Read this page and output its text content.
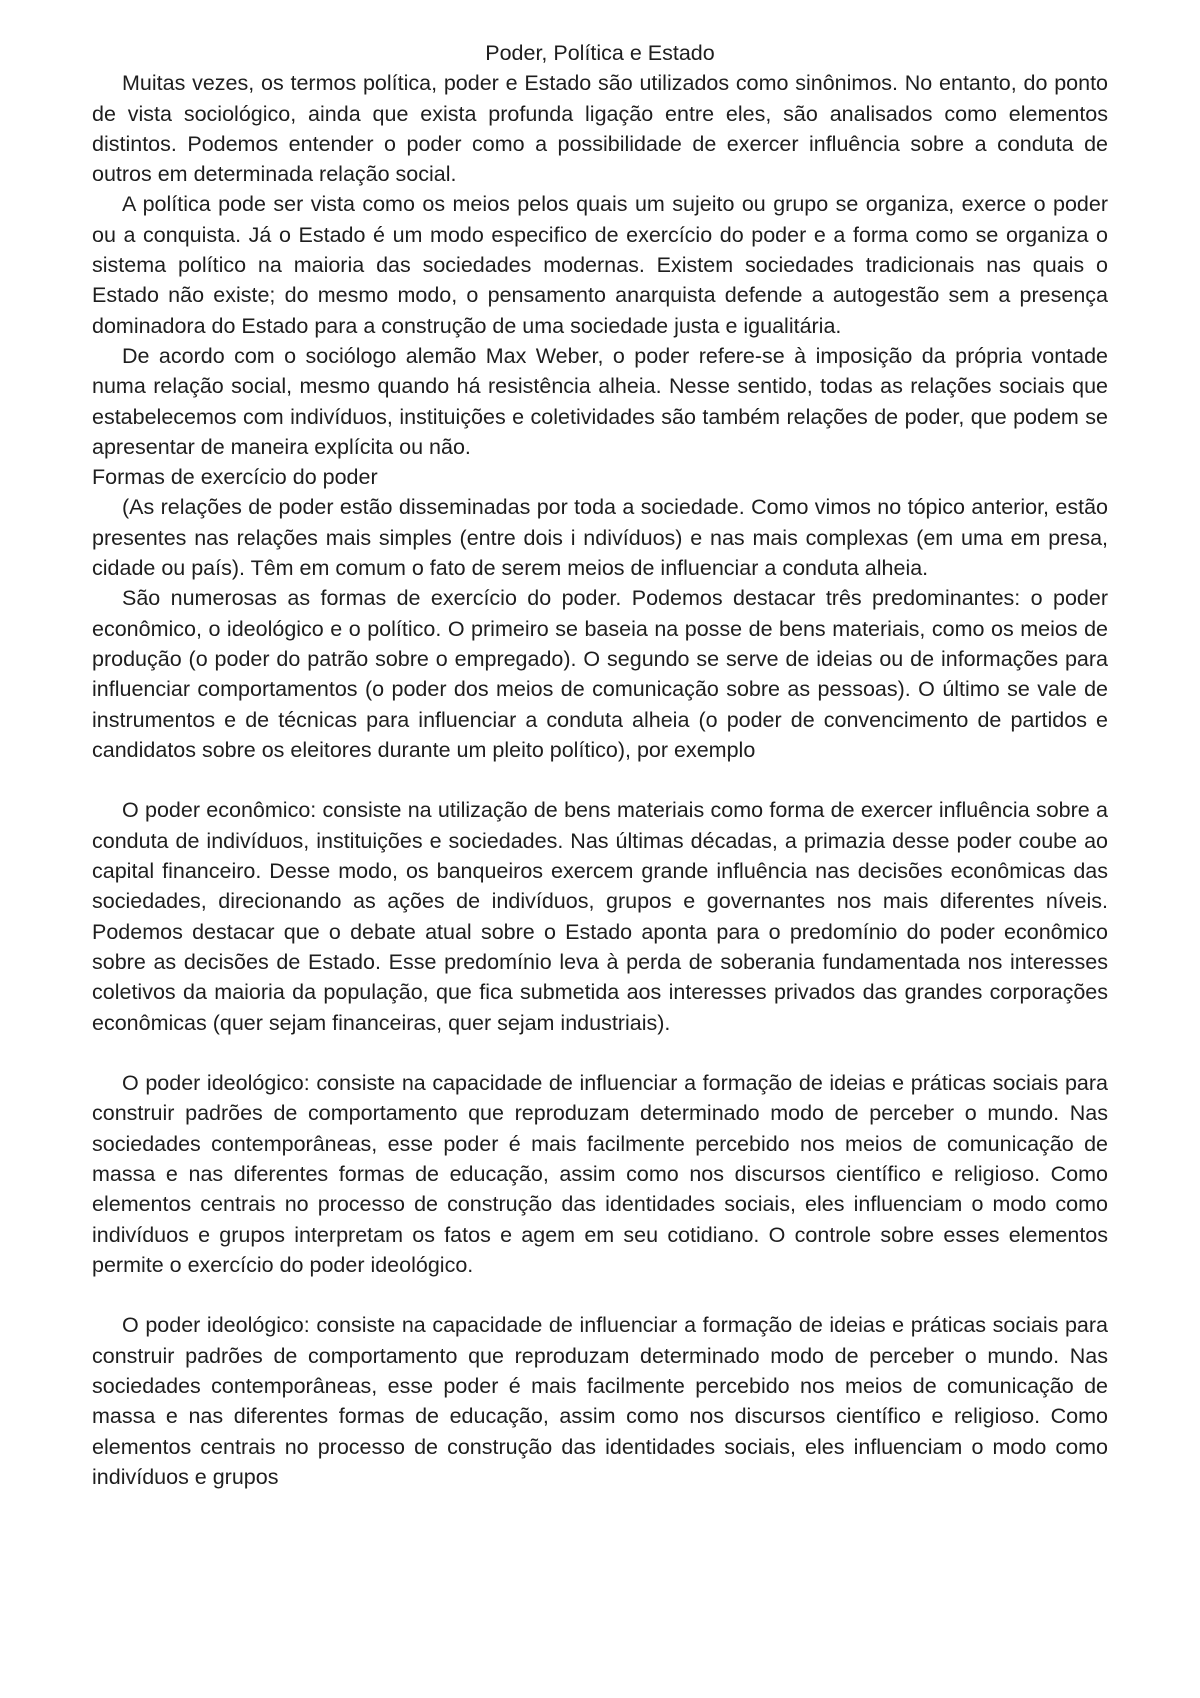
Poder, Política e Estado

Muitas vezes, os termos política, poder e Estado são utilizados como sinônimos. No entanto, do ponto de vista sociológico, ainda que exista profunda ligação entre eles, são analisados como elementos distintos. Podemos entender o poder como a possibilidade de exercer influência sobre a conduta de outros em determinada relação social.

A política pode ser vista como os meios pelos quais um sujeito ou grupo se organiza, exerce o poder ou a conquista. Já o Estado é um modo especifico de exercício do poder e a forma como se organiza o sistema político na maioria das sociedades modernas. Existem sociedades tradicionais nas quais o Estado não existe; do mesmo modo, o pensamento anarquista defende a autogestão sem a presença dominadora do Estado para a construção de uma sociedade justa e igualitária.

De acordo com o sociólogo alemão Max Weber, o poder refere-se à imposição da própria vontade numa relação social, mesmo quando há resistência alheia. Nesse sentido, todas as relações sociais que estabelecemos com indivíduos, instituições e coletividades são também relações de poder, que podem se apresentar de maneira explícita ou não.

Formas de exercício do poder

(As relações de poder estão disseminadas por toda a sociedade. Como vimos no tópico anterior, estão presentes nas relações mais simples (entre dois i ndivíduos) e nas mais complexas (em uma em presa, cidade ou país). Têm em comum o fato de serem meios de influenciar a conduta alheia.

São numerosas as formas de exercício do poder. Podemos destacar três predominantes: o poder econômico, o ideológico e o político. O primeiro se baseia na posse de bens materiais, como os meios de produção (o poder do patrão sobre o empregado). O segundo se serve de ideias ou de informações para influenciar comportamentos (o poder dos meios de comunicação sobre as pessoas). O último se vale de instrumentos e de técnicas para influenciar a conduta alheia (o poder de convencimento de partidos e candidatos sobre os eleitores durante um pleito político), por exemplo

O poder econômico: consiste na utilização de bens materiais como forma de exercer influência sobre a conduta de indivíduos, instituições e sociedades. Nas últimas décadas, a primazia desse poder coube ao capital financeiro. Desse modo, os banqueiros exercem grande influência nas decisões econômicas das sociedades, direcionando as ações de indivíduos, grupos e governantes nos mais diferentes níveis. Podemos destacar que o debate atual sobre o Estado aponta para o predomínio do poder econômico sobre as decisões de Estado. Esse predomínio leva à perda de soberania fundamentada nos interesses coletivos da maioria da população, que fica submetida aos interesses privados das grandes corporações econômicas (quer sejam financeiras, quer sejam industriais).

O poder ideológico: consiste na capacidade de influenciar a formação de ideias e práticas sociais para construir padrões de comportamento que reproduzam determinado modo de perceber o mundo. Nas sociedades contemporâneas, esse poder é mais facilmente percebido nos meios de comunicação de massa e nas diferentes formas de educação, assim como nos discursos científico e religioso. Como elementos centrais no processo de construção das identidades sociais, eles influenciam o modo como indivíduos e grupos interpretam os fatos e agem em seu cotidiano. O controle sobre esses elementos permite o exercício do poder ideológico.

O poder ideológico: consiste na capacidade de influenciar a formação de ideias e práticas sociais para construir padrões de comportamento que reproduzam determinado modo de perceber o mundo. Nas sociedades contemporâneas, esse poder é mais facilmente percebido nos meios de comunicação de massa e nas diferentes formas de educação, assim como nos discursos científico e religioso. Como elementos centrais no processo de construção das identidades sociais, eles influenciam o modo como indivíduos e grupos
